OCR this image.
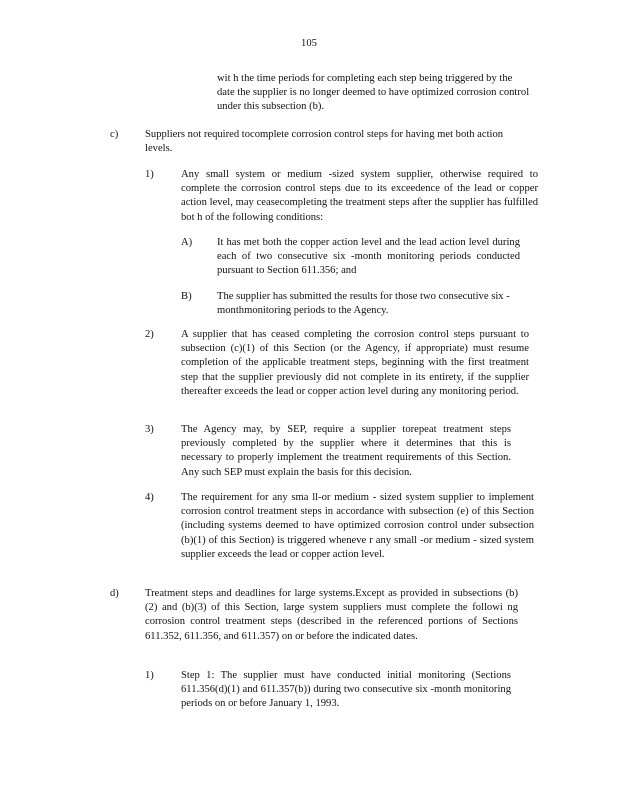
105
wit h the time periods for completing each step being triggered by the date the supplier is no longer deemed to have optimized corrosion control under this subsection (b).
c)	Suppliers not required tocomplete corrosion control steps for having met both action levels.
1)	Any small system or medium -sized system supplier, otherwise required to complete the corrosion control steps due to its exceedence of the lead or copper action level, may ceasecompleting the treatment steps after the supplier has fulfilled bot h of the following conditions:
A) It has met both the copper action level and the lead action level during each of two consecutive six -month monitoring periods conducted pursuant to Section 611.356; and
B) The supplier has submitted the results for those two consecutive six -monthmonitoring periods to the Agency.
2)	A supplier that has ceased completing the corrosion control steps pursuant to subsection (c)(1) of this Section (or the Agency, if appropriate) must resume completion of the applicable treatment steps, beginning with the first treatment step that the supplier previously did not complete in its entirety, if the supplier thereafter exceeds the lead or copper action level during any monitoring period.
3)	The Agency may, by SEP, require a supplier torepeat treatment steps previously completed by the supplier where it determines that this is necessary to properly implement the treatment requirements of this Section. Any such SEP must explain the basis for this decision.
4)	The requirement for any sma ll-or medium - sized system supplier to implement corrosion control treatment steps in accordance with subsection (e) of this Section (including systems deemed to have optimized corrosion control under subsection (b)(1) of this Section) is triggered wheneve r any small -or medium - sized system supplier exceeds the lead or copper action level.
d) Treatment steps and deadlines for large systems.Except as provided in subsections (b)(2) and (b)(3) of this Section, large system suppliers must complete the followi ng corrosion control treatment steps (described in the referenced portions of Sections 611.352, 611.356, and 611.357) on or before the indicated dates.
1)	Step 1: The supplier must have conducted initial monitoring (Sections 611.356(d)(1) and 611.357(b)) during two consecutive six -month monitoring periods on or before January 1, 1993.
